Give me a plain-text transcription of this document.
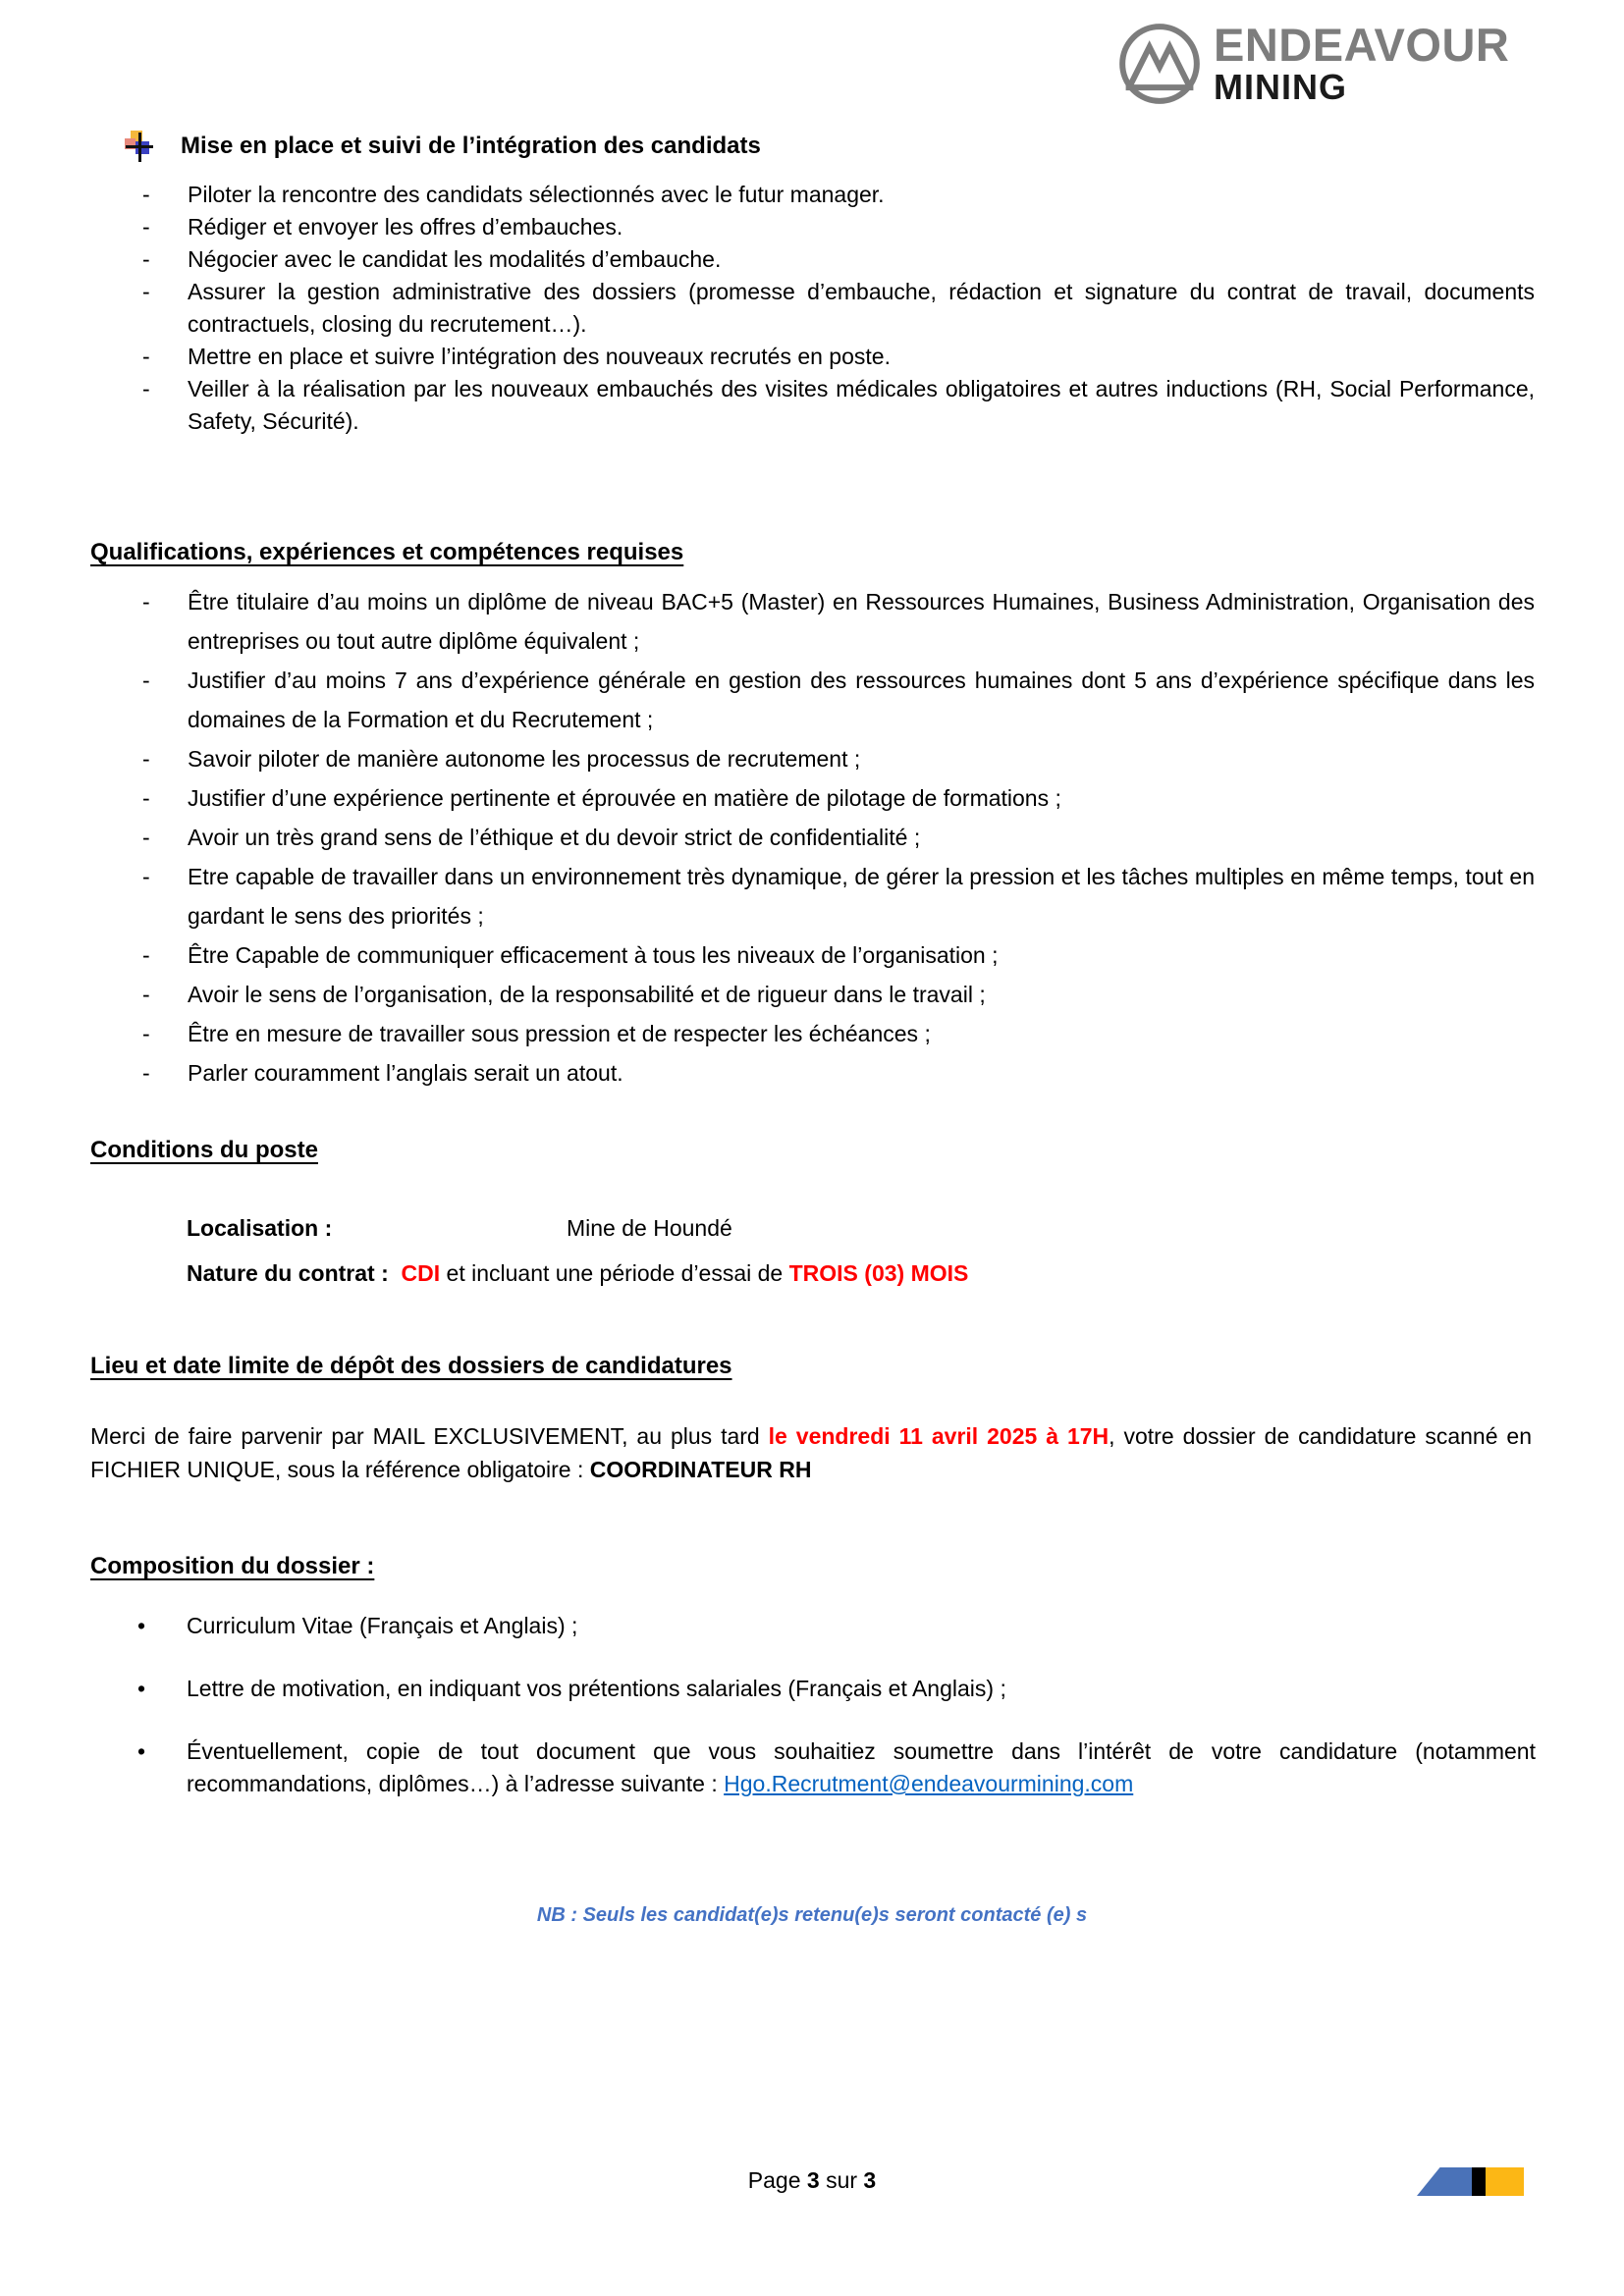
ENDEAVOUR
MINING
Mise en place et suivi de l’intégration des candidats
-	Piloter la rencontre des candidats sélectionnés avec le futur manager.
-	Rédiger et envoyer les offres d’embauches.
-	Négocier avec le candidat les modalités d’embauche.
-	Assurer la gestion administrative des dossiers (promesse d’embauche, rédaction et signature du contrat de travail, documents contractuels, closing du recrutement…).
-	Mettre en place et suivre l’intégration des nouveaux recrutés en poste.
-	Veiller à la réalisation par les nouveaux embauchés des visites médicales obligatoires et autres inductions (RH, Social Performance, Safety, Sécurité).
Qualifications, expériences et compétences requises
-	Être titulaire d’au moins un diplôme de niveau BAC+5 (Master) en Ressources Humaines, Business Administration, Organisation des entreprises ou tout autre diplôme équivalent ;
-	Justifier d’au moins 7 ans d’expérience générale en gestion des ressources humaines dont 5 ans d’expérience spécifique dans les domaines de la Formation et du Recrutement ;
-	Savoir piloter de manière autonome les processus de recrutement ;
-	Justifier d’une expérience pertinente et éprouvée en matière de pilotage de formations ;
-	Avoir un très grand sens de l’éthique et du devoir strict de confidentialité ;
-	Etre capable de travailler dans un environnement très dynamique, de gérer la pression et les tâches multiples en même temps, tout en gardant le sens des priorités ;
-	Être Capable de communiquer efficacement à tous les niveaux de l’organisation ;
-	Avoir le sens de l’organisation, de la responsabilité et de rigueur dans le travail ;
-	Être en mesure de travailler sous pression et de respecter les échéances ;
-	Parler couramment l’anglais serait un atout.
Conditions du poste
Localisation :	Mine de Houndé
Nature du contrat : CDI et incluant une période d’essai de TROIS (03) MOIS
Lieu et date limite de dépôt des dossiers de candidatures

Merci de faire parvenir par MAIL EXCLUSIVEMENT, au plus tard le vendredi 11 avril 2025 à 17H, votre dossier de candidature scanné en FICHIER UNIQUE, sous la référence obligatoire : COORDINATEUR RH

Composition du dossier :
•	Curriculum Vitae (Français et Anglais) ;
•	Lettre de motivation, en indiquant vos prétentions salariales (Français et Anglais) ;
•	Éventuellement, copie de tout document que vous souhaitiez soumettre dans l’intérêt de votre candidature (notamment recommandations, diplômes…) à l’adresse suivante : Hgo.Recrutment@endeavourmining.com
NB : Seuls les candidat(e)s retenu(e)s seront contacté (e) s
Page 3 sur 3
